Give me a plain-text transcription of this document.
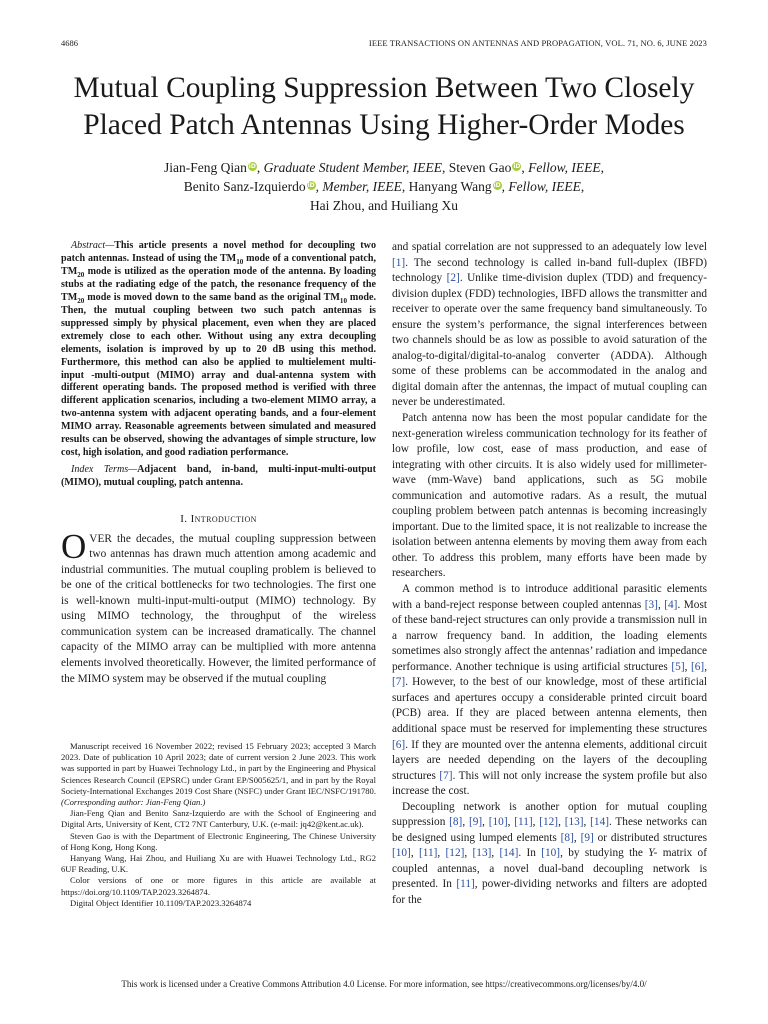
4686	IEEE TRANSACTIONS ON ANTENNAS AND PROPAGATION, VOL. 71, NO. 6, JUNE 2023
Mutual Coupling Suppression Between Two Closely
Placed Patch Antennas Using Higher-Order Modes
Jian-Feng Qian iD, Graduate Student Member, IEEE, Steven Gao iD, Fellow, IEEE,
Benito Sanz-Izquierdo iD, Member, IEEE, Hanyang Wang iD, Fellow, IEEE,
Hai Zhou, and Huiliang Xu

Abstract—This article presents a novel method for decoupling two patch antennas. Instead of using the $TM_{10}$ mode of a conventional patch, $TM_{20}$ mode is utilized as the operation mode of the antenna. By loading stubs at the radiating edge of the patch, the resonance frequency of the $TM_{20}$ mode is moved down to the same band as the original $TM_{10}$ mode. Then, the mutual coupling between two such patch antennas is suppressed simply by physical placement, even when they are placed extremely close to each other. Without using any extra decoupling elements, isolation is improved by up to 20 dB using this method. Furthermore, this method can also be applied to multielement multi-input -multi-output (MIMO) array and dual-antenna system with different operating bands. The proposed method is verified with three different application scenarios, including a two-element MIMO array, a two-antenna system with adjacent operating bands, and a four-element MIMO array. Reasonable agreements between simulated and measured results can be observed, showing the advantages of simple structure, low cost, high isolation, and good radiation performance.

Index Terms—Adjacent band, in-band, multi-input-multi-output (MIMO), mutual coupling, patch antenna.

I. Introduction

OVER the decades, the mutual coupling suppression between two antennas has drawn much attention among academic and industrial communities. The mutual coupling problem is believed to be one of the critical bottlenecks for two technologies. The first one is well-known multi-input-multi-output (MIMO) technology. By using MIMO technology, the throughput of the wireless communication system can be increased dramatically. The channel capacity of the MIMO array can be multiplied with more antenna elements involved theoretically. However, the limited performance of the MIMO system may be observed if the mutual coupling

Manuscript received 16 November 2022; revised 15 February 2023; accepted 3 March 2023. Date of publication 10 April 2023; date of current version 2 June 2023. This work was supported in part by Huawei Technology Ltd., in part by the Engineering and Physical Sciences Research Council (EPSRC) under Grant EP/S005625/1, and in part by the Royal Society-International Exchanges 2019 Cost Share (NSFC) under Grant IEC/NSFC/191780. (Corresponding author: Jian-Feng Qian.)

Jian-Feng Qian and Benito Sanz-Izquierdo are with the School of Engineering and Digital Arts, University of Kent, CT2 7NT Canterbury, U.K. (e-mail: jq42@kent.ac.uk).

Steven Gao is with the Department of Electronic Engineering, The Chinese University of Hong Kong, Hong Kong.

Hanyang Wang, Hai Zhou, and Huiliang Xu are with Huawei Technology Ltd., RG2 6UF Reading, U.K.

Color versions of one or more figures in this article are available at https://doi.org/10.1109/TAP.2023.3264874.

Digital Object Identifier 10.1109/TAP.2023.3264874

and spatial correlation are not suppressed to an adequately low level [1]. The second technology is called in-band full-duplex (IBFD) technology [2]. Unlike time-division duplex (TDD) and frequency-division duplex (FDD) technologies, IBFD allows the transmitter and receiver to operate over the same frequency band simultaneously. To ensure the system’s performance, the signal interferences between two channels should be as low as possible to avoid saturation of the analog-to-digital/digital-to-analog converter (ADDA). Although some of these problems can be accommodated in the analog and digital domain after the antennas, the impact of mutual coupling can never be underestimated.

Patch antenna now has been the most popular candidate for the next-generation wireless communication technology for its feather of low profile, low cost, ease of mass production, and ease of integrating with other circuits. It is also widely used for millimeter-wave (mm-Wave) band applications, such as 5G mobile communication and automotive radars. As a result, the mutual coupling problem between patch antennas is becoming increasingly important. Due to the limited space, it is not realizable to increase the isolation between antenna elements by moving them away from each other. To address this problem, many efforts have been made by researchers.

A common method is to introduce additional parasitic elements with a band-reject response between coupled antennas [3], [4]. Most of these band-reject structures can only provide a transmission null in a narrow frequency band. In addition, the loading elements sometimes also strongly affect the antennas’ radiation and impedance performance. Another technique is using artificial structures [5], [6], [7]. However, to the best of our knowledge, most of these artificial surfaces and apertures occupy a considerable printed circuit board (PCB) area. If they are placed between antenna elements, then additional space must be reserved for implementing these structures [6]. If they are mounted over the antenna elements, additional circuit layers are needed depending on the layers of the decoupling structures [7]. This will not only increase the system profile but also increase the cost.

Decoupling network is another option for mutual coupling suppression [8], [9], [10], [11], [12], [13], [14]. These networks can be designed using lumped elements [8], [9] or distributed structures [10], [11], [12], [13], [14]. In [10], by studying the Y- matrix of coupled antennas, a novel dual-band decoupling network is presented. In [11], power-dividing networks and filters are adopted for the

This work is licensed under a Creative Commons Attribution 4.0 License. For more information, see https://creativecommons.org/licenses/by/4.0/
